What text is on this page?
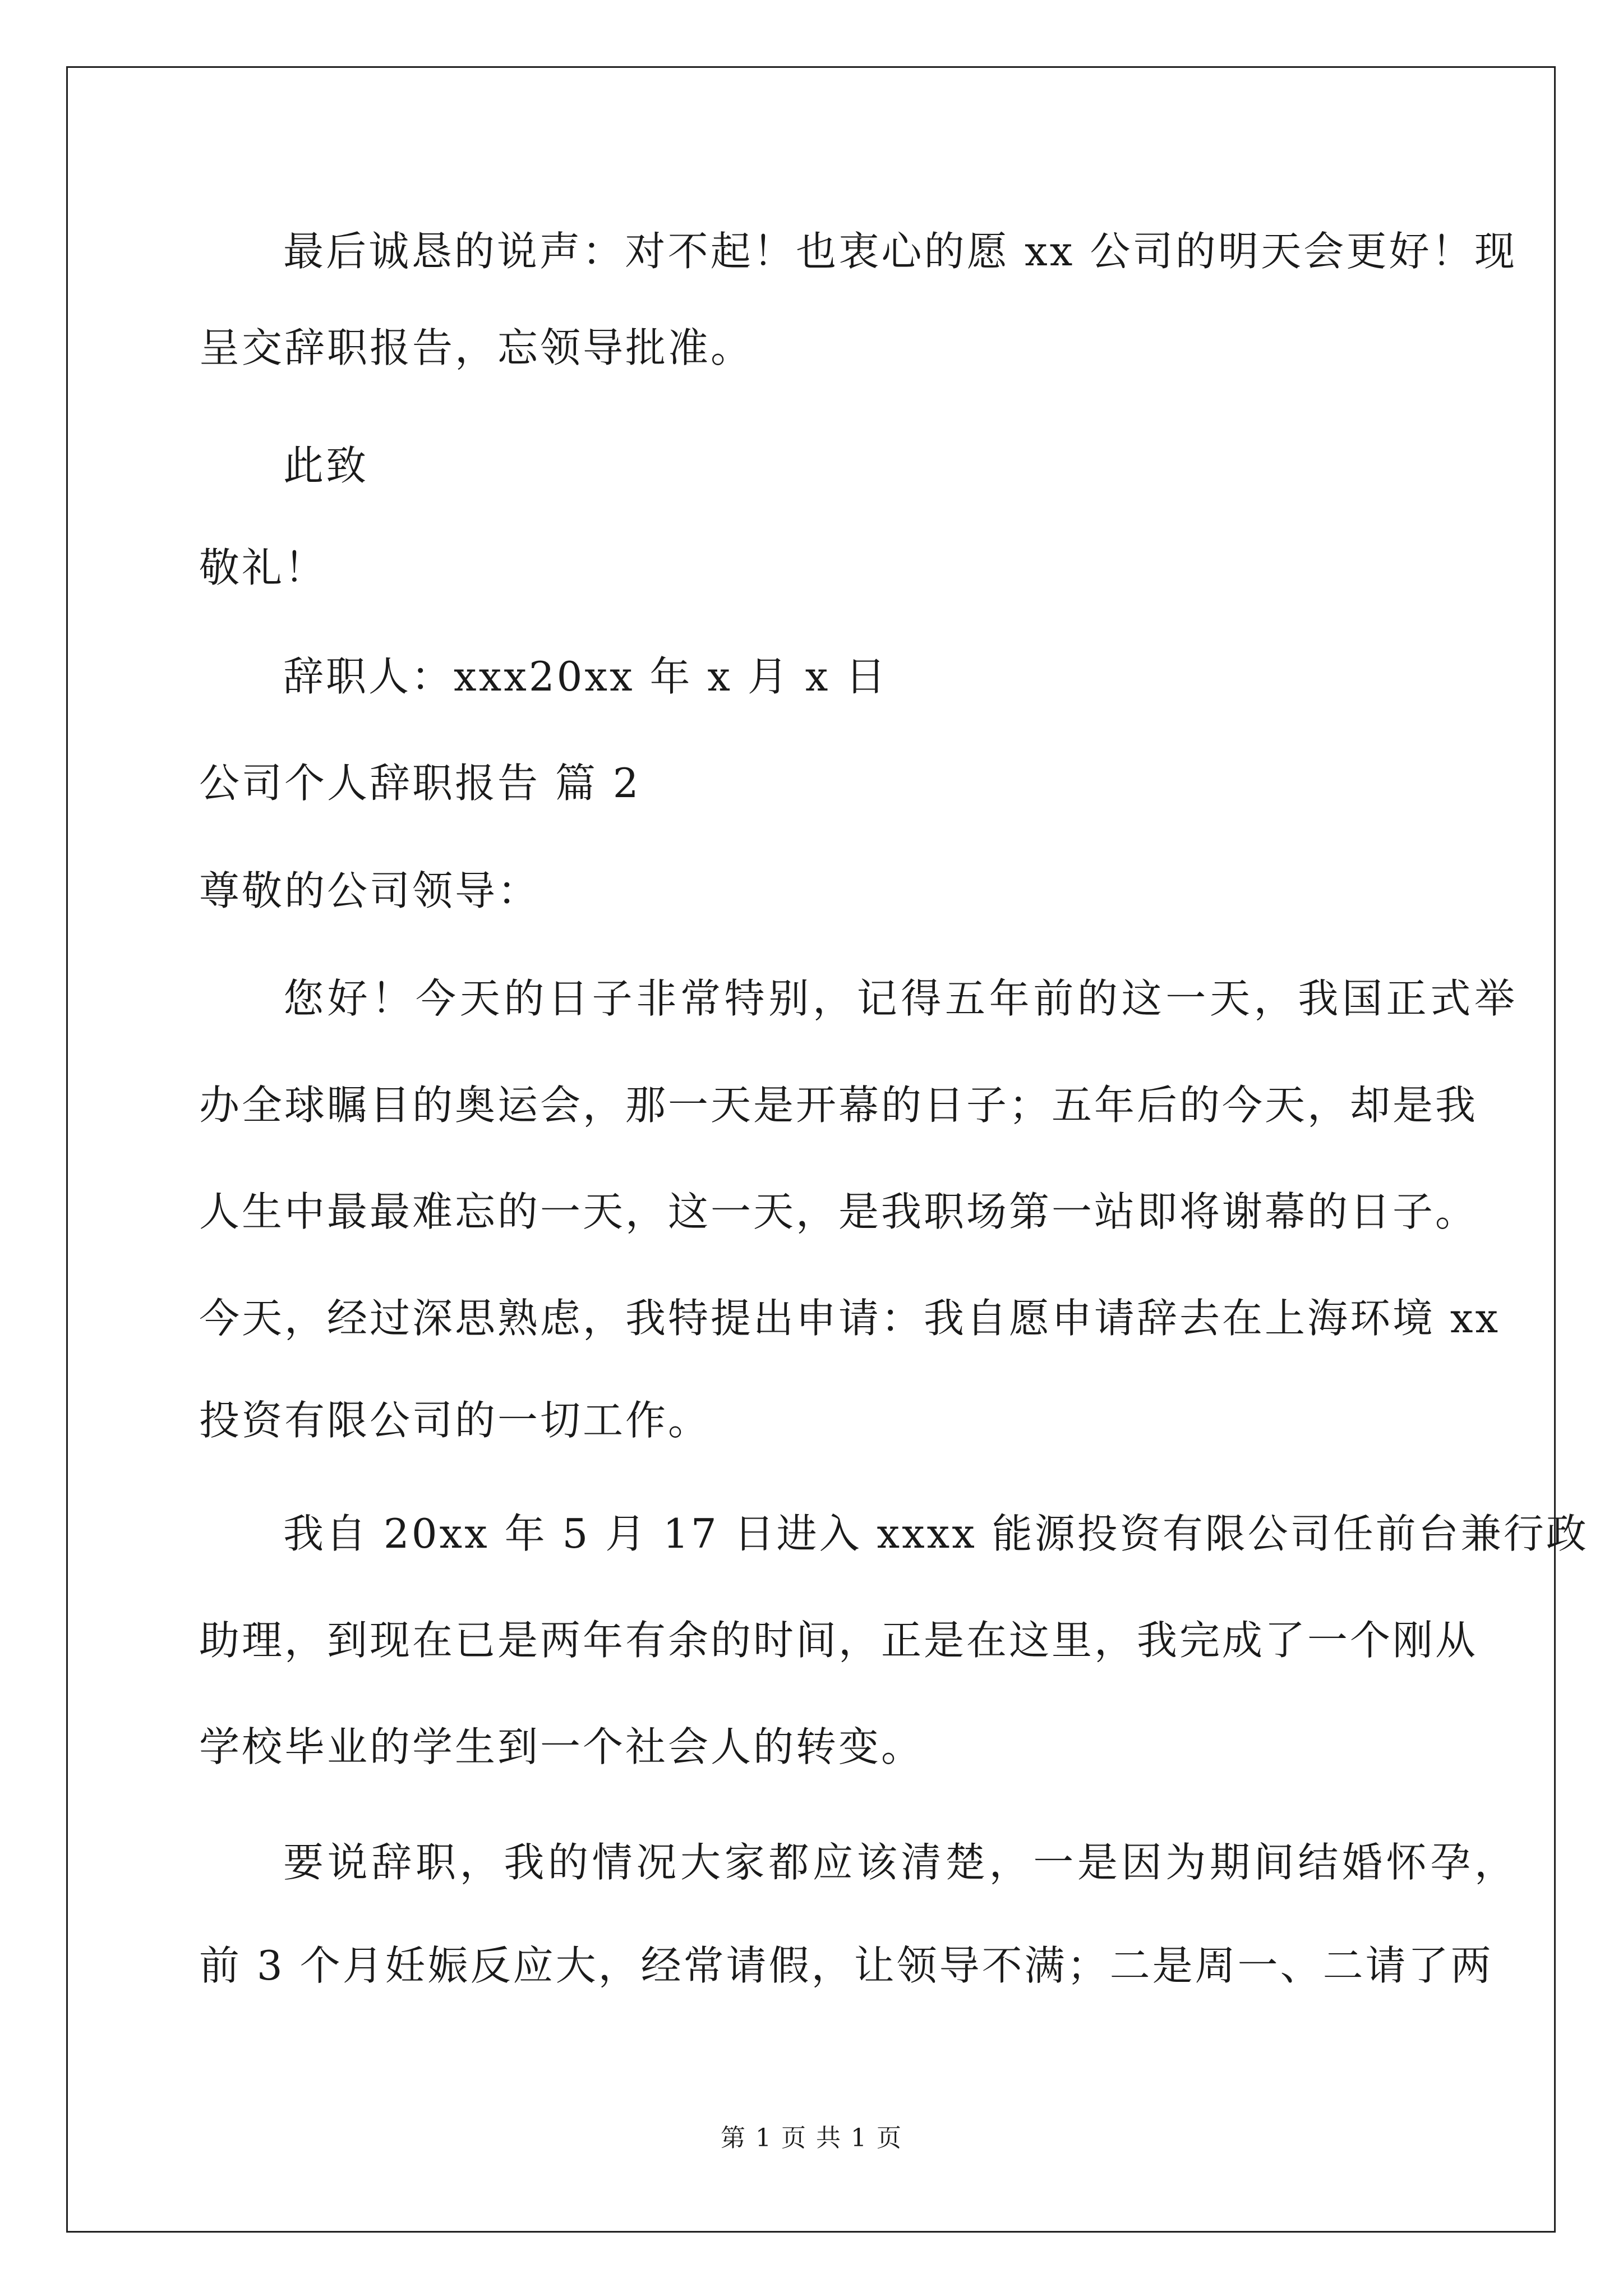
最后诚恳的说声：对不起！也衷心的愿 xx 公司的明天会更好！现
呈交辞职报告，忘领导批准。
此致
敬礼！
辞职人：xxx20xx 年 x 月 x 日
公司个人辞职报告 篇 2
尊敬的公司领导：
您好！今天的日子非常特别，记得五年前的这一天，我国正式举
办全球瞩目的奥运会，那一天是开幕的日子；五年后的今天，却是我
人生中最最难忘的一天，这一天，是我职场第一站即将谢幕的日子。
今天，经过深思熟虑，我特提出申请：我自愿申请辞去在上海环境 xx
投资有限公司的一切工作。
我自 20xx 年 5 月 17 日进入 xxxx 能源投资有限公司任前台兼行政
助理，到现在已是两年有余的时间，正是在这里，我完成了一个刚从
学校毕业的学生到一个社会人的转变。
要说辞职，我的情况大家都应该清楚，一是因为期间结婚怀孕，
前 3 个月妊娠反应大，经常请假，让领导不满；二是周一、二请了两
第 1 页 共 1 页
